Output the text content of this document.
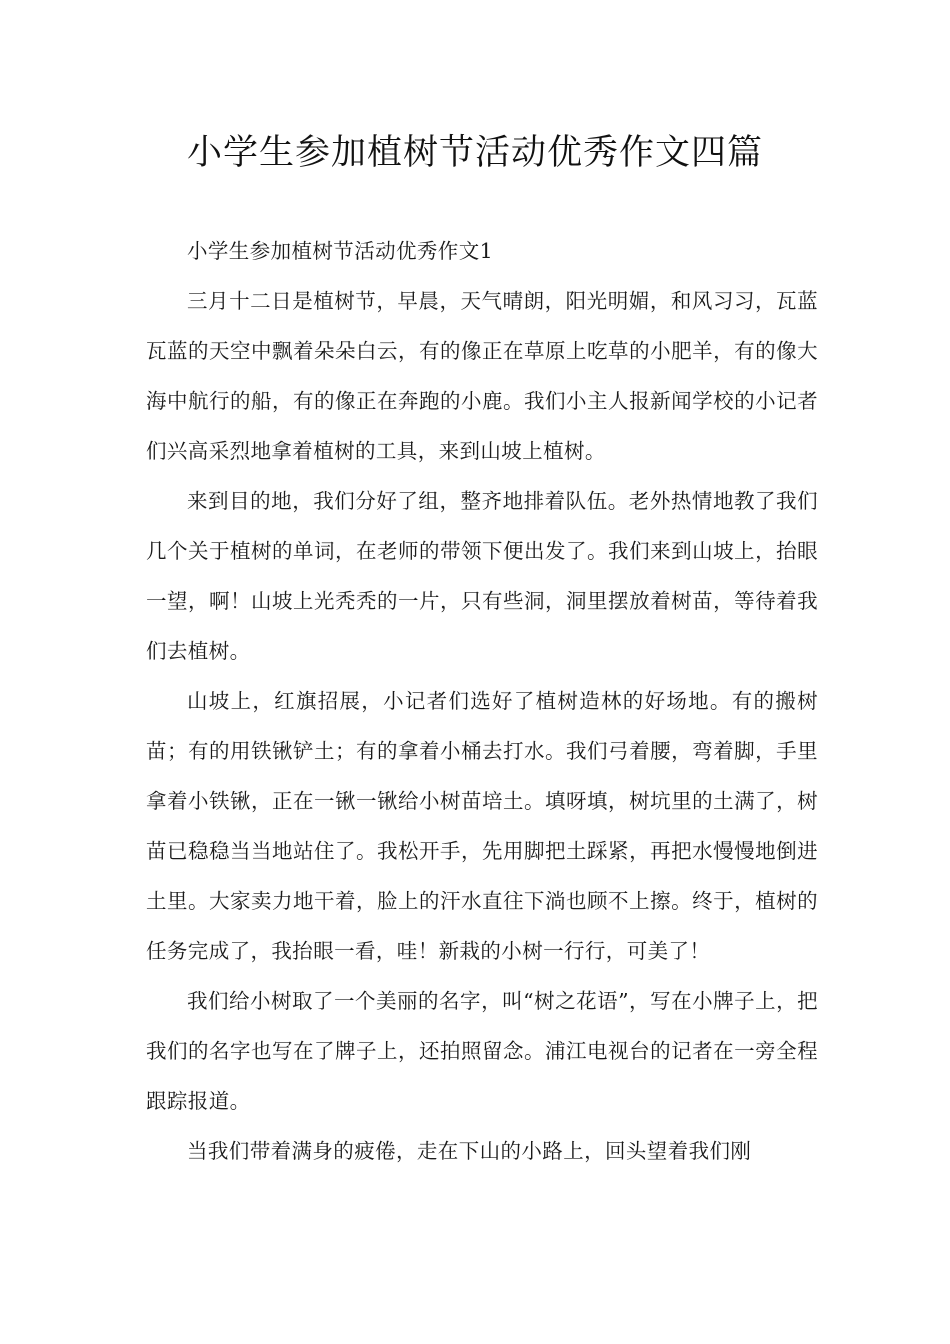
小学生参加植树节活动优秀作文四篇

小学生参加植树节活动优秀作文1

三月十二日是植树节，早晨，天气晴朗，阳光明媚，和风习习，瓦蓝瓦蓝的天空中飘着朵朵白云，有的像正在草原上吃草的小肥羊，有的像大海中航行的船，有的像正在奔跑的小鹿。我们小主人报新闻学校的小记者们兴高采烈地拿着植树的工具，来到山坡上植树。

来到目的地，我们分好了组，整齐地排着队伍。老外热情地教了我们几个关于植树的单词，在老师的带领下便出发了。我们来到山坡上，抬眼一望，啊！山坡上光秃秃的一片，只有些洞，洞里摆放着树苗，等待着我们去植树。

山坡上，红旗招展，小记者们选好了植树造林的好场地。有的搬树苗；有的用铁锹铲土；有的拿着小桶去打水。我们弓着腰，弯着脚，手里拿着小铁锹，正在一锹一锹给小树苗培土。填呀填，树坑里的土满了，树苗已稳稳当当地站住了。我松开手，先用脚把土踩紧，再把水慢慢地倒进土里。大家卖力地干着，脸上的汗水直往下淌也顾不上擦。终于，植树的任务完成了，我抬眼一看，哇！新栽的小树一行行，可美了！

我们给小树取了一个美丽的名字，叫“树之花语”，写在小牌子上，把我们的名字也写在了牌子上，还拍照留念。浦江电视台的记者在一旁全程跟踪报道。

当我们带着满身的疲倦，走在下山的小路上，回头望着我们刚
